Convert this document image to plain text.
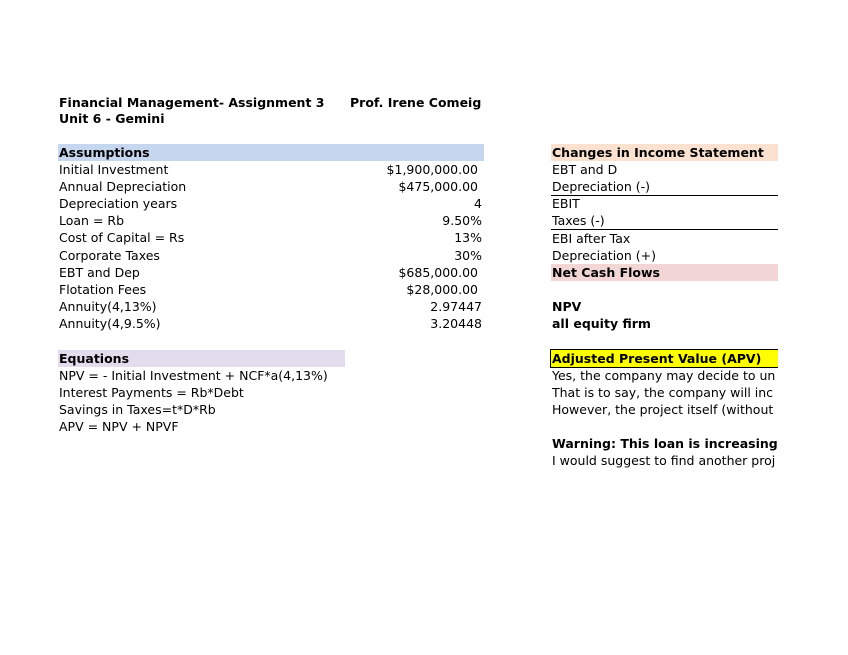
Financial Management- Assignment 3 Prof. Irene Comeig
Unit 6 - Gemini
Assumptions
Initial Investment	$1,900,000.00
Annual Depreciation	$475,000.00
Depreciation years	4
Loan = Rb	9.50%
Cost of Capital = Rs	13%
Corporate Taxes	30%
EBT and Dep	$685,000.00
Flotation Fees	$28,000.00
Annuity(4,13%)	2.97447
Annuity(4,9.5%)	3.20448
Equations
NPV = - Initial Investment + NCF*a(4,13%)
Interest Payments = Rb*Debt
Savings in Taxes=t*D*Rb
APV = NPV + NPVF
Changes in Income Statement
EBT and D
Depreciation (-)
EBIT
Taxes (-)
EBI after Tax
Depreciation (+)
Net Cash Flows
NPV
all equity firm
Adjusted Present Value (APV)
Yes, the company may decide to un
That is to say, the company will inc
However, the project itself (without
Warning: This loan is increasing
I would suggest to find another proj
